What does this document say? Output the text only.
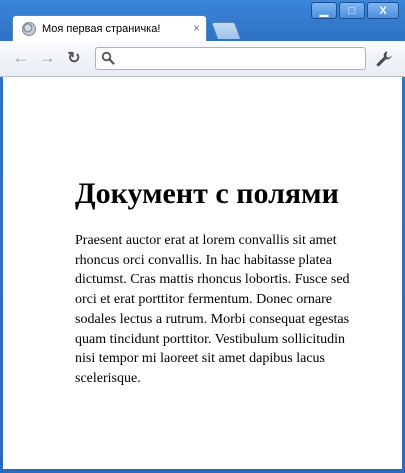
▁	□	X
Моя первая страничка!	×
← → ↻
Документ с полями

Praesent auctor erat at lorem convallis sit amet rhoncus orci convallis. In hac habitasse platea dictumst. Cras mattis rhoncus lobortis. Fusce sed orci et erat porttitor fermentum. Donec ornare sodales lectus a rutrum. Morbi consequat egestas quam tincidunt porttitor. Vestibulum sollicitudin nisi tempor mi laoreet sit amet dapibus lacus scelerisque.
